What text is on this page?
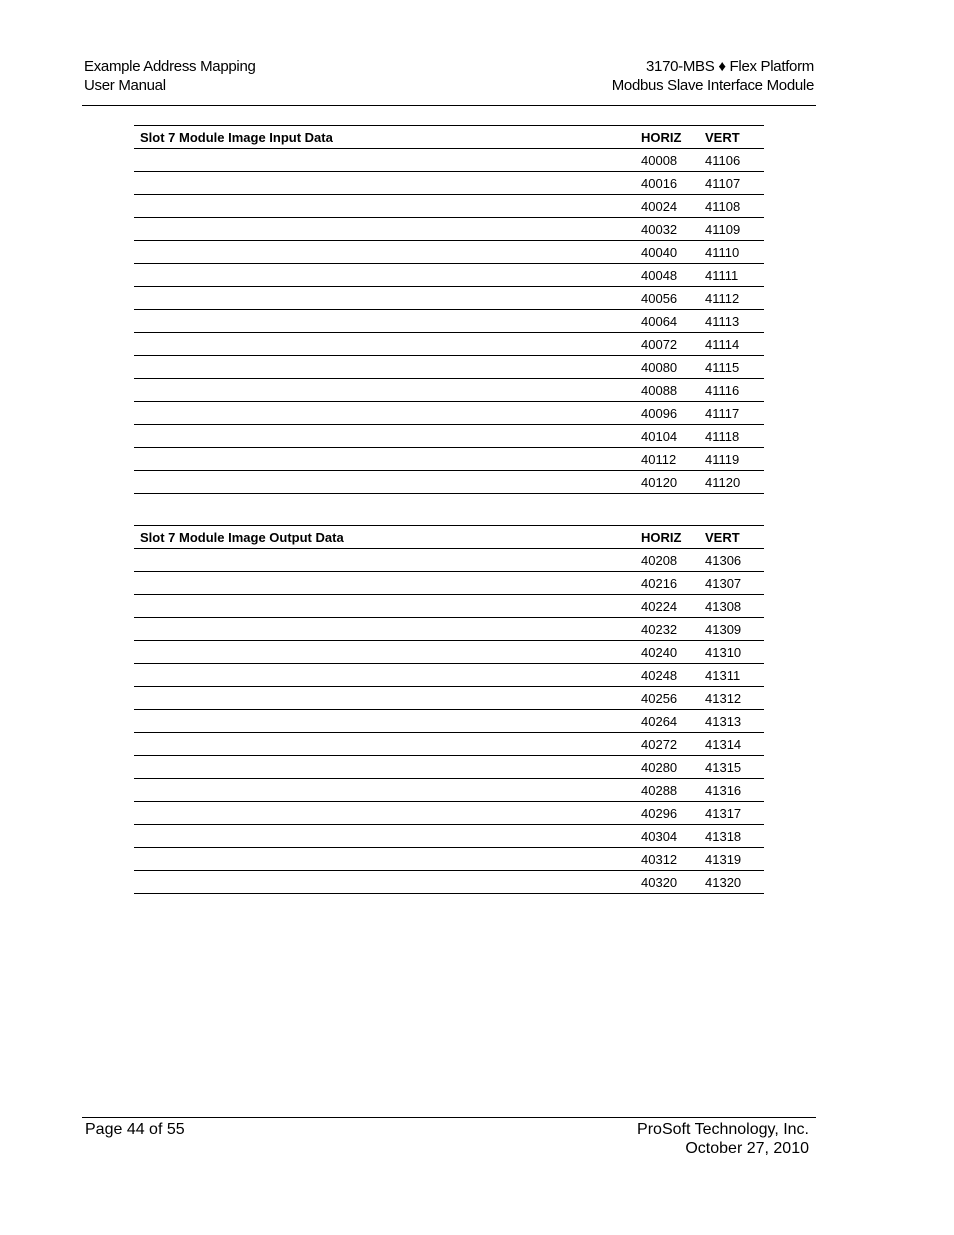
Example Address Mapping
User Manual
3170-MBS ♦ Flex Platform
Modbus Slave Interface Module
Slot 7 Module Image Input Data	HORIZ	VERT
	40008	41106
	40016	41107
	40024	41108
	40032	41109
	40040	41110
	40048	41111
	40056	41112
	40064	41113
	40072	41114
	40080	41115
	40088	41116
	40096	41117
	40104	41118
	40112	41119
	40120	41120
Slot 7 Module Image Output Data	HORIZ	VERT
	40208	41306
	40216	41307
	40224	41308
	40232	41309
	40240	41310
	40248	41311
	40256	41312
	40264	41313
	40272	41314
	40280	41315
	40288	41316
	40296	41317
	40304	41318
	40312	41319
	40320	41320
Page 44 of 55	ProSoft Technology, Inc.
October 27, 2010
